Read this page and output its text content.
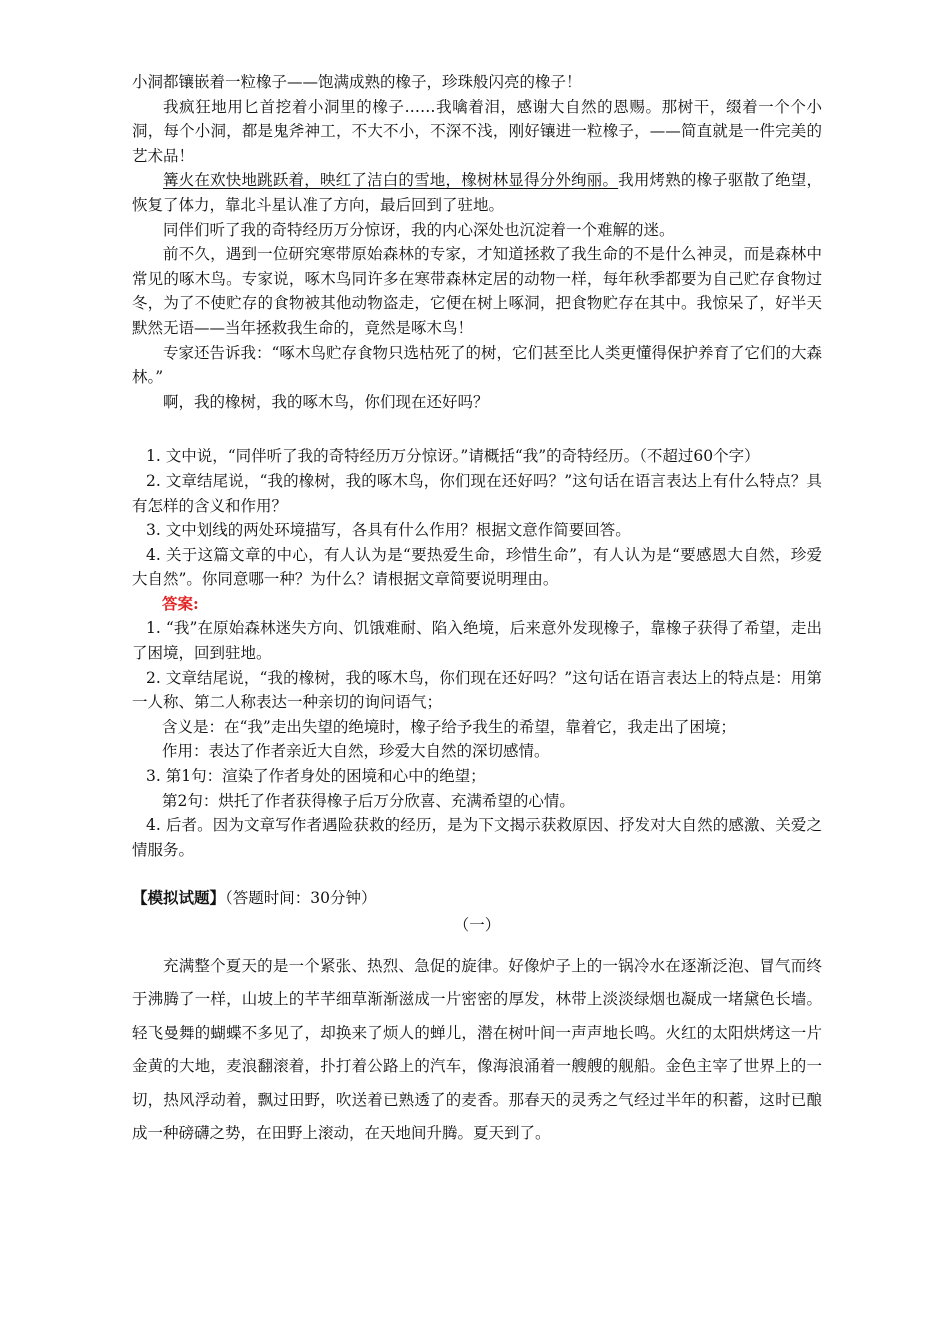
小洞都镶嵌着一粒橡子——饱满成熟的橡子，珍珠般闪亮的橡子！

我疯狂地用匕首挖着小洞里的橡子……我噙着泪，感谢大自然的恩赐。那树干，缀着一个个小洞，每个小洞，都是鬼斧神工，不大不小，不深不浅，刚好镶进一粒橡子，——简直就是一件完美的艺术品！

篝火在欢快地跳跃着，映红了洁白的雪地，橡树林显得分外绚丽。我用烤熟的橡子驱散了绝望，恢复了体力，靠北斗星认准了方向，最后回到了驻地。

同伴们听了我的奇特经历万分惊讶，我的内心深处也沉淀着一个难解的迷。

前不久，遇到一位研究寒带原始森林的专家，才知道拯救了我生命的不是什么神灵，而是森林中常见的啄木鸟。专家说，啄木鸟同许多在寒带森林定居的动物一样，每年秋季都要为自己贮存食物过冬，为了不使贮存的食物被其他动物盗走，它便在树上啄洞，把食物贮存在其中。我惊呆了，好半天默然无语——当年拯救我生命的，竟然是啄木鸟！

专家还告诉我：“啄木鸟贮存食物只选枯死了的树，它们甚至比人类更懂得保护养育了它们的大森林。”

啊，我的橡树，我的啄木鸟，你们现在还好吗？

1. 文中说，“同伴听了我的奇特经历万分惊讶。”请概括“我”的奇特经历。（不超过60个字）

2. 文章结尾说，“我的橡树，我的啄木鸟，你们现在还好吗？”这句话在语言表达上有什么特点？具有怎样的含义和作用？

3. 文中划线的两处环境描写，各具有什么作用？根据文意作简要回答。

4. 关于这篇文章的中心，有人认为是“要热爱生命，珍惜生命”，有人认为是“要感恩大自然，珍爱大自然”。你同意哪一种？为什么？请根据文章简要说明理由。

答案:

1. “我”在原始森林迷失方向、饥饿难耐、陷入绝境，后来意外发现橡子，靠橡子获得了希望，走出了困境，回到驻地。

2. 文章结尾说，“我的橡树，我的啄木鸟，你们现在还好吗？”这句话在语言表达上的特点是：用第一人称、第二人称表达一种亲切的询问语气；

含义是：在“我”走出失望的绝境时，橡子给予我生的希望，靠着它，我走出了困境；

作用：表达了作者亲近大自然，珍爱大自然的深切感情。

3. 第1句：渲染了作者身处的困境和心中的绝望；

第2句：烘托了作者获得橡子后万分欣喜、充满希望的心情。

4. 后者。因为文章写作者遇险获救的经历，是为下文揭示获救原因、抒发对大自然的感激、关爱之情服务。

【模拟试题】（答题时间：30分钟）

（一）

充满整个夏天的是一个紧张、热烈、急促的旋律。好像炉子上的一锅冷水在逐渐泛泡、冒气而终于沸腾了一样，山坡上的芊芊细草渐渐滋成一片密密的厚发，林带上淡淡绿烟也凝成一堵黛色长墙。轻飞曼舞的蝴蝶不多见了，却换来了烦人的蝉儿，潜在树叶间一声声地长鸣。火红的太阳烘烤这一片金黄的大地，麦浪翻滚着，扑打着公路上的汽车，像海浪涌着一艘艘的舰船。金色主宰了世界上的一切，热风浮动着，飘过田野，吹送着已熟透了的麦香。那春天的灵秀之气经过半年的积蓄，这时已酿成一种磅礴之势，在田野上滚动，在天地间升腾。夏天到了。
